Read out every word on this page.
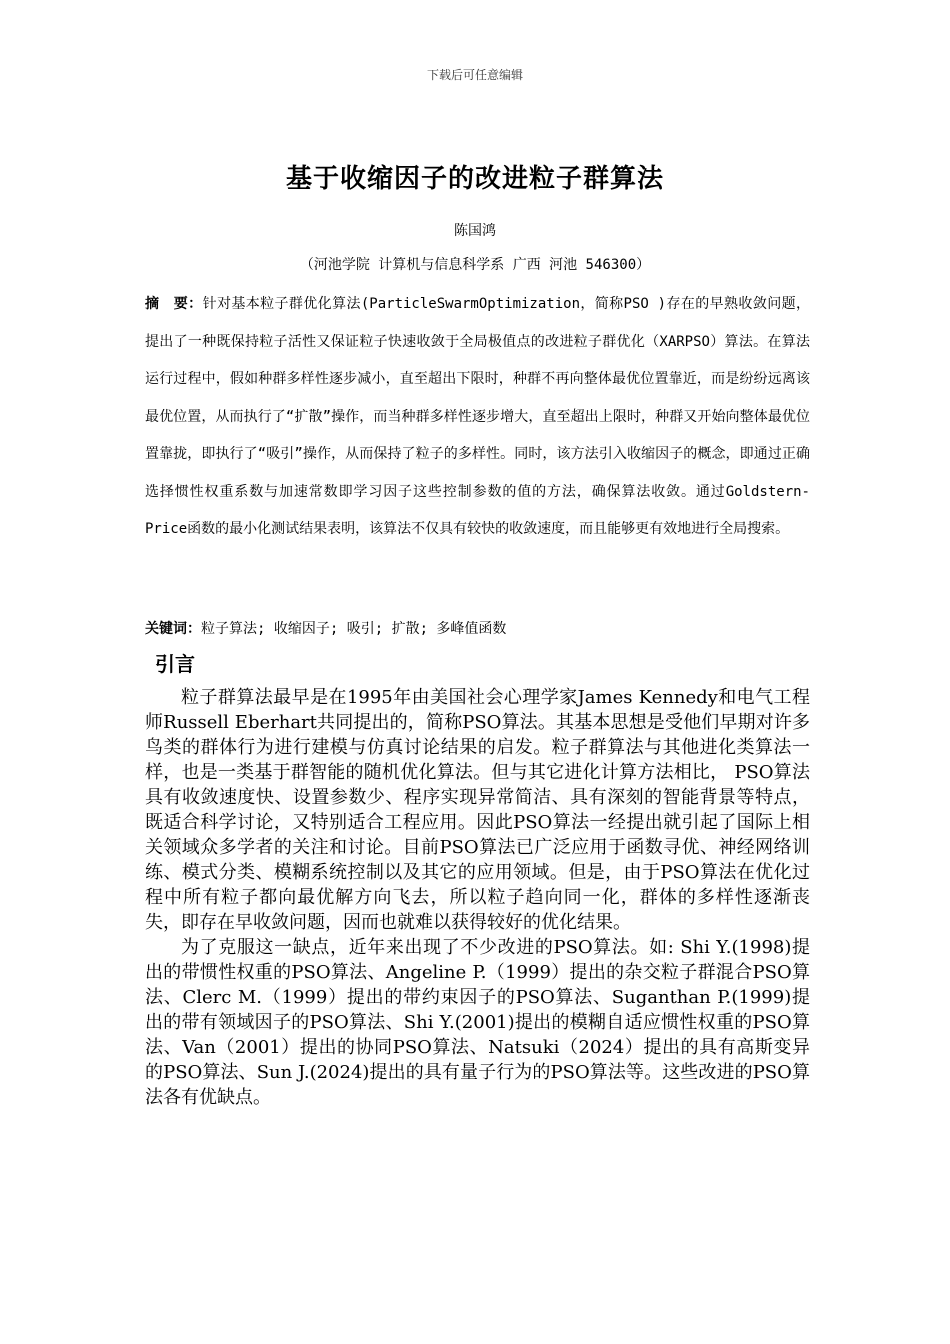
下载后可任意编辑
基于收缩因子的改进粒子群算法
陈国鸿
（河池学院 计算机与信息科学系 广西 河池 546300）
摘　要：针对基本粒子群优化算法(ParticleSwarmOptimization，简称PSO )存在的早熟收敛问题，提出了一种既保持粒子活性又保证粒子快速收敛于全局极值点的改进粒子群优化（XARPSO）算法。在算法运行过程中，假如种群多样性逐步减小，直至超出下限时，种群不再向整体最优位置靠近，而是纷纷远离该最优位置，从而执行了“扩散”操作，而当种群多样性逐步增大，直至超出上限时，种群又开始向整体最优位置靠拢，即执行了“吸引”操作，从而保持了粒子的多样性。同时，该方法引入收缩因子的概念，即通过正确选择惯性权重系数与加速常数即学习因子这些控制参数的值的方法，确保算法收敛。通过Goldstern-Price函数的最小化测试结果表明，该算法不仅具有较快的收敛速度，而且能够更有效地进行全局搜索。
关键词：粒子算法; 收缩因子; 吸引; 扩散; 多峰值函数
引言

粒子群算法最早是在1995年由美国社会心理学家James Kennedy和电气工程师Russell Eberhart共同提出的，简称PSO算法。其基本思想是受他们早期对许多鸟类的群体行为进行建模与仿真讨论结果的启发。粒子群算法与其他进化类算法一样，也是一类基于群智能的随机优化算法。但与其它进化计算方法相比， PSO算法具有收敛速度快、设置参数少、程序实现异常简洁、具有深刻的智能背景等特点， 既适合科学讨论，又特别适合工程应用。因此PSO算法一经提出就引起了国际上相关领域众多学者的关注和讨论。目前PSO算法已广泛应用于函数寻优、神经网络训练、模式分类、模糊系统控制以及其它的应用领域。但是，由于PSO算法在优化过程中所有粒子都向最优解方向飞去，所以粒子趋向同一化，群体的多样性逐渐丧失，即存在早收敛问题，因而也就难以获得较好的优化结果。

为了克服这一缺点，近年来出现了不少改进的PSO算法。如: Shi Y.(1998)提出的带惯性权重的PSO算法、Angeline P.（1999）提出的杂交粒子群混合PSO算法、Clerc M.（1999）提出的带约束因子的PSO算法、Suganthan P.(1999)提出的带有领域因子的PSO算法、Shi Y.(2001)提出的模糊自适应惯性权重的PSO算法、Van（2001）提出的协同PSO算法、Natsuki（2024）提出的具有高斯变异的PSO算法、Sun J.(2024)提出的具有量子行为的PSO算法等。这些改进的PSO算法各有优缺点。
